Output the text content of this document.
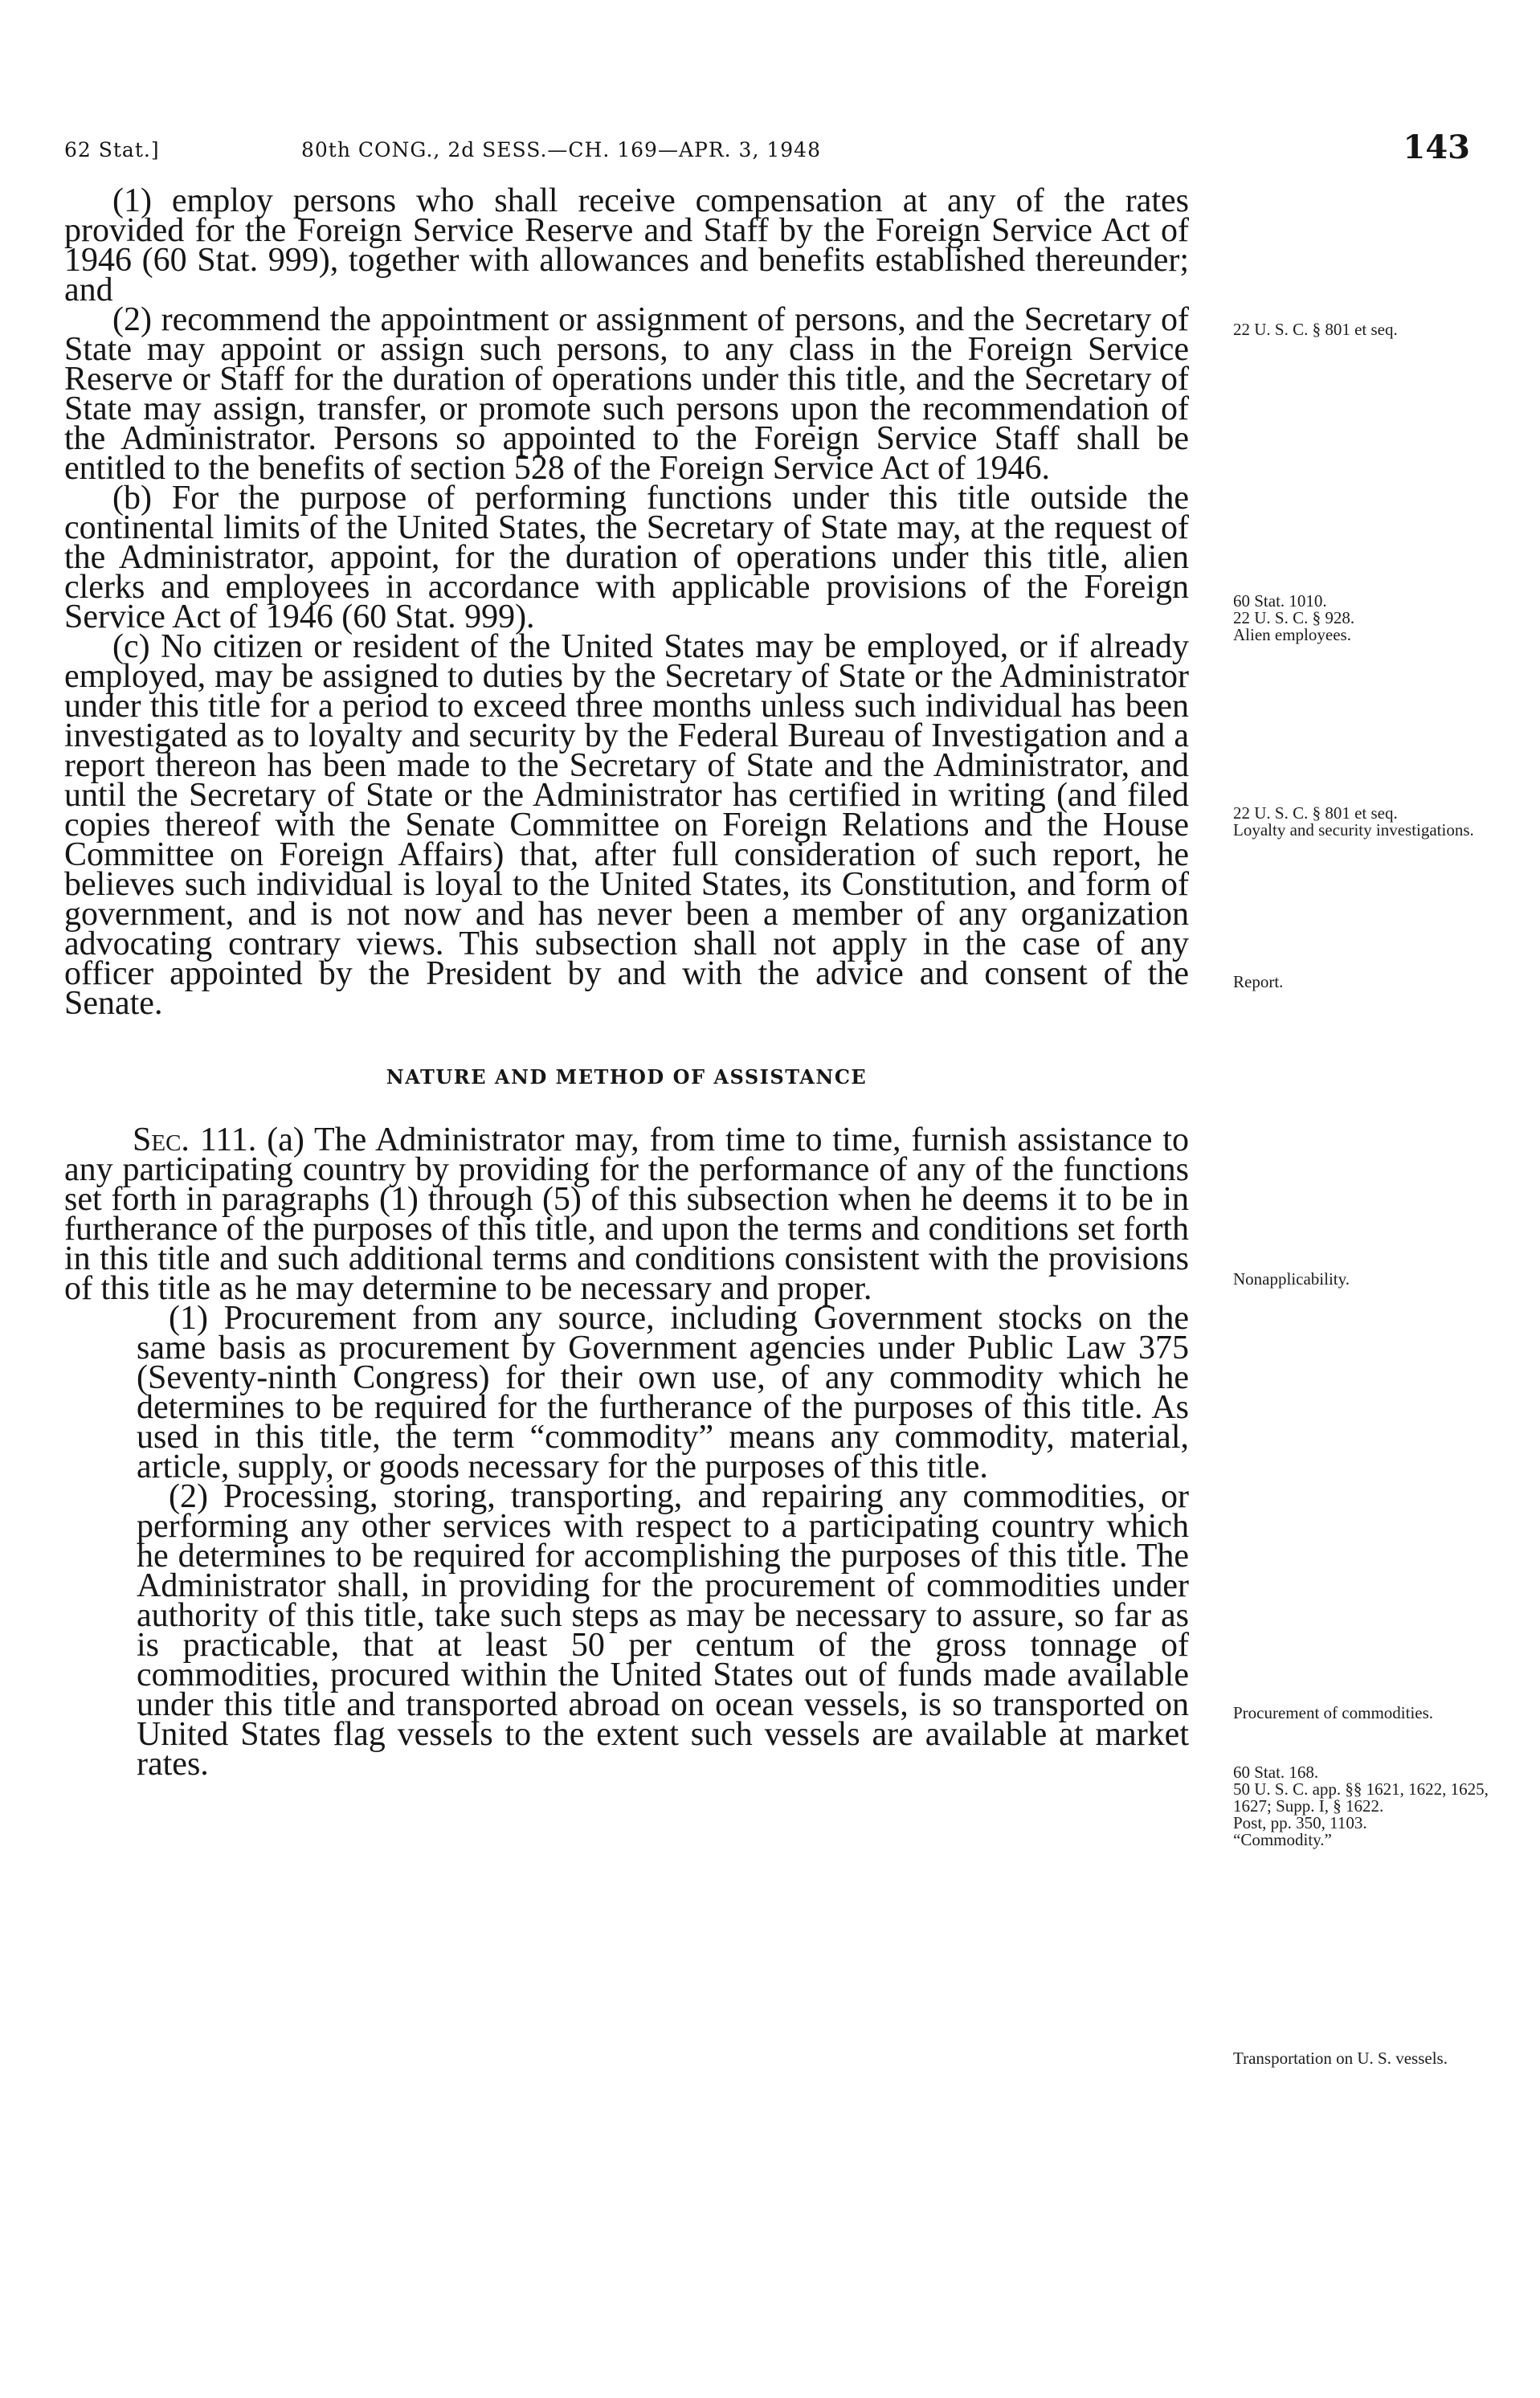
62 Stat.]	80th CONG., 2d SESS.—CH. 169—APR. 3, 1948	143

(1) employ persons who shall receive compensation at any of the rates provided for the Foreign Service Reserve and Staff by the Foreign Service Act of 1946 (60 Stat. 999), together with allowances and benefits established thereunder; and

(2) recommend the appointment or assignment of persons, and the Secretary of State may appoint or assign such persons, to any class in the Foreign Service Reserve or Staff for the duration of operations under this title, and the Secretary of State may assign, transfer, or promote such persons upon the recommendation of the Administrator. Persons so appointed to the Foreign Service Staff shall be entitled to the benefits of section 528 of the Foreign Service Act of 1946.

(b) For the purpose of performing functions under this title outside the continental limits of the United States, the Secretary of State may, at the request of the Administrator, appoint, for the duration of operations under this title, alien clerks and employees in accordance with applicable provisions of the Foreign Service Act of 1946 (60 Stat. 999).

(c) No citizen or resident of the United States may be employed, or if already employed, may be assigned to duties by the Secretary of State or the Administrator under this title for a period to exceed three months unless such individual has been investigated as to loyalty and security by the Federal Bureau of Investigation and a report thereon has been made to the Secretary of State and the Administrator, and until the Secretary of State or the Administrator has certified in writing (and filed copies thereof with the Senate Committee on Foreign Relations and the House Committee on Foreign Affairs) that, after full consideration of such report, he believes such individual is loyal to the United States, its Constitution, and form of government, and is not now and has never been a member of any organization advocating contrary views. This subsection shall not apply in the case of any officer appointed by the President by and with the advice and consent of the Senate.

NATURE AND METHOD OF ASSISTANCE

Sec. 111. (a) The Administrator may, from time to time, furnish assistance to any participating country by providing for the performance of any of the functions set forth in paragraphs (1) through (5) of this subsection when he deems it to be in furtherance of the purposes of this title, and upon the terms and conditions set forth in this title and such additional terms and conditions consistent with the provisions of this title as he may determine to be necessary and proper.

(1) Procurement from any source, including Government stocks on the same basis as procurement by Government agencies under Public Law 375 (Seventy-ninth Congress) for their own use, of any commodity which he determines to be required for the furtherance of the purposes of this title. As used in this title, the term “commodity” means any commodity, material, article, supply, or goods necessary for the purposes of this title.

(2) Processing, storing, transporting, and repairing any commodities, or performing any other services with respect to a participating country which he determines to be required for accomplishing the purposes of this title. The Administrator shall, in providing for the procurement of commodities under authority of this title, take such steps as may be necessary to assure, so far as is practicable, that at least 50 per centum of the gross tonnage of commodities, procured within the United States out of funds made available under this title and transported abroad on ocean vessels, is so transported on United States flag vessels to the extent such vessels are available at market rates.

22 U. S. C. § 801 et seq.
60 Stat. 1010.
22 U. S. C. § 928.
Alien employees.
22 U. S. C. § 801 et seq.
Loyalty and security investigations.
Report.
Nonapplicability.
Procurement of commodities.
60 Stat. 168.
50 U. S. C. app. §§ 1621, 1622, 1625, 1627; Supp. I, § 1622.
Post, pp. 350, 1103.
“Commodity.”
Transportation on U. S. vessels.
